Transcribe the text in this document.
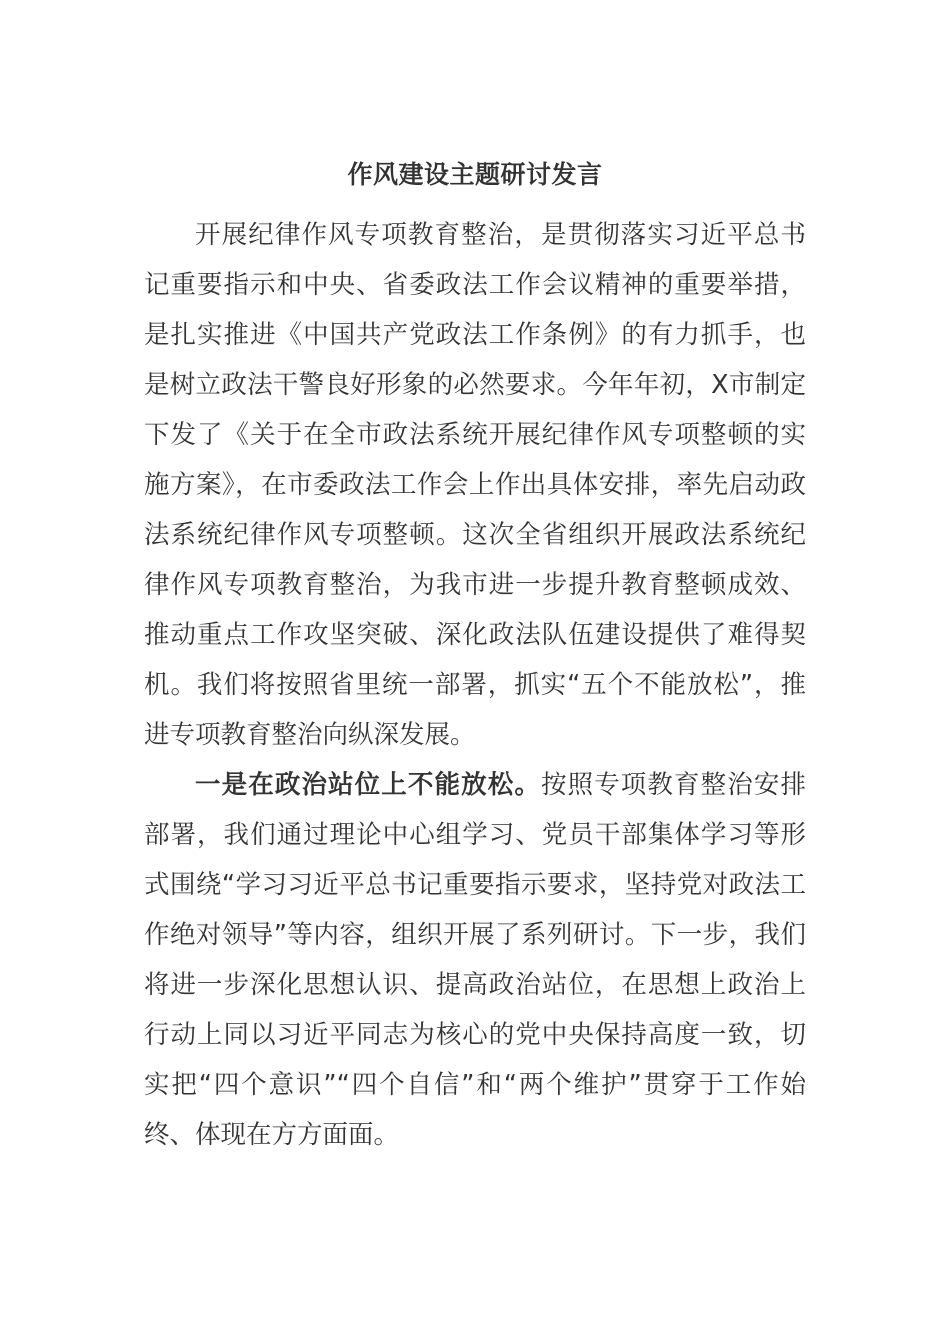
作风建设主题研讨发言

开展纪律作风专项教育整治，是贯彻落实习近平总书记重要指示和中央、省委政法工作会议精神的重要举措，是扎实推进《中国共产党政法工作条例》的有力抓手，也是树立政法干警良好形象的必然要求。今年年初，X市制定下发了《关于在全市政法系统开展纪律作风专项整顿的实施方案》，在市委政法工作会上作出具体安排，率先启动政法系统纪律作风专项整顿。这次全省组织开展政法系统纪律作风专项教育整治，为我市进一步提升教育整顿成效、推动重点工作攻坚突破、深化政法队伍建设提供了难得契机。我们将按照省里统一部署，抓实“五个不能放松”，推进专项教育整治向纵深发展。

一是在政治站位上不能放松。按照专项教育整治安排部署，我们通过理论中心组学习、党员干部集体学习等形式围绕“学习习近平总书记重要指示要求，坚持党对政法工作绝对领导”等内容，组织开展了系列研讨。下一步，我们将进一步深化思想认识、提高政治站位，在思想上政治上行动上同以习近平同志为核心的党中央保持高度一致，切实把“四个意识”“四个自信”和“两个维护”贯穿于工作始终、体现在方方面面。
